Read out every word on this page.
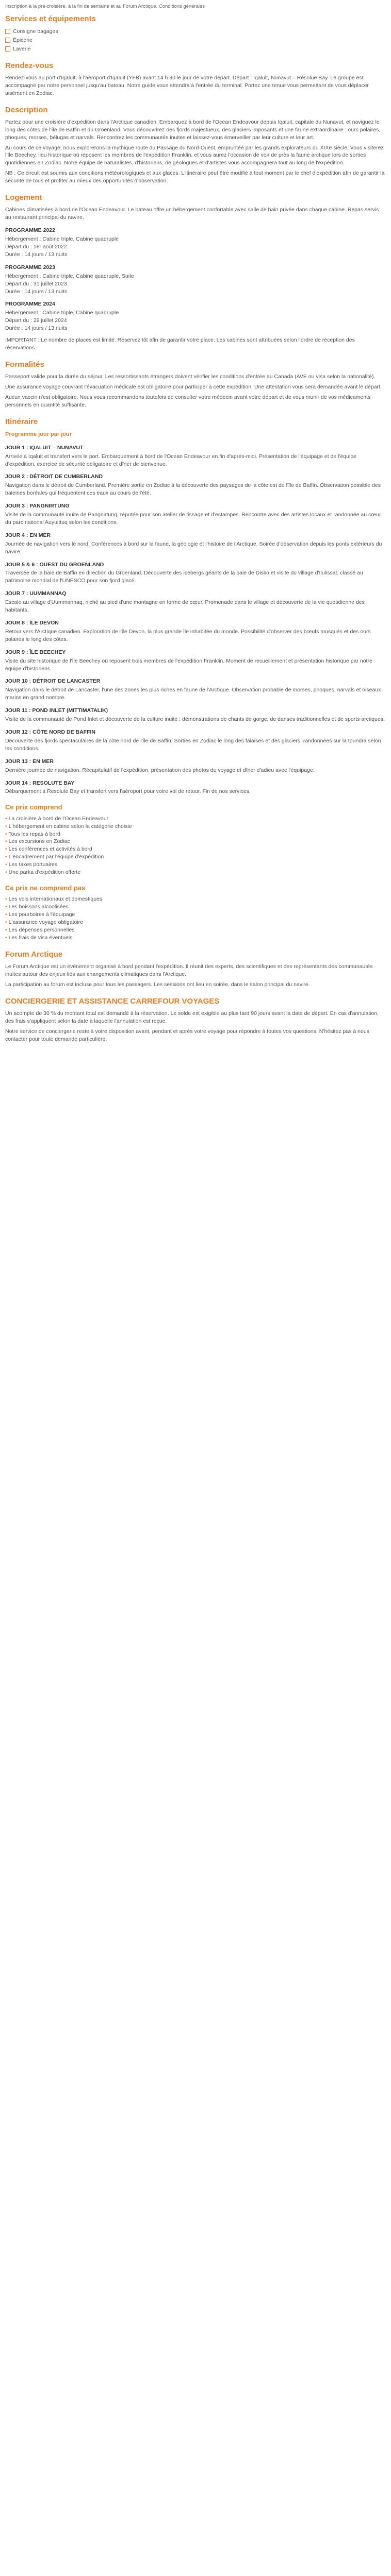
Inscription à la pré-croisière, à la fin de semaine et au Forum Arctique. Conditions générales
Services et équipements
Consigne bagages
Épicerie
Laverie
Rendez-vous

Rendez-vous au port d'Iqaluit, à l'aéroport d'Iqaluit (YFB) avant 14 h 30 le jour de votre départ. Départ : Iqaluit, Nunavut – Résolue Bay. Le groupe est accompagné par notre personnel jusqu'au bateau. Notre guide vous attendra à l'entrée du terminal. Portez une tenue vous permettant de vous déplacer aisément en Zodiac.

Description

Partez pour une croisière d'expédition dans l'Arctique canadien. Embarquez à bord de l'Ocean Endeavour depuis Iqaluit, capitale du Nunavut, et naviguez le long des côtes de l'île de Baffin et du Groenland. Vous découvrirez des fjords majestueux, des glaciers imposants et une faune extraordinaire : ours polaires, phoques, morses, bélugas et narvals. Rencontrez les communautés inuites et laissez-vous émerveiller par leur culture et leur art.

Au cours de ce voyage, nous explorerons la mythique route du Passage du Nord-Ouest, empruntée par les grands explorateurs du XIXe siècle. Vous visiterez l'île Beechey, lieu historique où reposent les membres de l'expédition Franklin, et vous aurez l'occasion de voir de près la faune arctique lors de sorties quotidiennes en Zodiac. Notre équipe de naturalistes, d'historiens, de géologues et d'artistes vous accompagnera tout au long de l'expédition.

NB : Ce circuit est soumis aux conditions météorologiques et aux glaces. L'itinéraire peut être modifié à tout moment par le chef d'expédition afin de garantir la sécurité de tous et profiter au mieux des opportunités d'observation.

Logement

Cabines climatisées à bord de l'Ocean Endeavour. Le bateau offre un hébergement confortable avec salle de bain privée dans chaque cabine. Repas servis au restaurant principal du navire.

PROGRAMME 2022
Hébergement : Cabine triple, Cabine quadruple
Départ du : 1er août 2022
Durée : 14 jours / 13 nuits
PROGRAMME 2023
Hébergement : Cabine triple, Cabine quadruple, Suite
Départ du : 31 juillet 2023
Durée : 14 jours / 13 nuits
PROGRAMME 2024
Hébergement : Cabine triple, Cabine quadruple
Départ du : 29 juillet 2024
Durée : 14 jours / 13 nuits

IMPORTANT : Le nombre de places est limité. Réservez tôt afin de garantir votre place. Les cabines sont attribuées selon l'ordre de réception des réservations.

Formalités

Passeport valide pour la durée du séjour. Les ressortissants étrangers doivent vérifier les conditions d'entrée au Canada (AVE ou visa selon la nationalité).

Une assurance voyage couvrant l'évacuation médicale est obligatoire pour participer à cette expédition. Une attestation vous sera demandée avant le départ.

Aucun vaccin n'est obligatoire. Nous vous recommandons toutefois de consulter votre médecin avant votre départ et de vous munir de vos médicaments personnels en quantité suffisante.

Itinéraire
Programme jour par jour
JOUR 1 : IQALUIT – NUNAVUT

Arrivée à Iqaluit et transfert vers le port. Embarquement à bord de l'Ocean Endeavour en fin d'après-midi. Présentation de l'équipage et de l'équipe d'expédition, exercice de sécurité obligatoire et dîner de bienvenue.

JOUR 2 : DÉTROIT DE CUMBERLAND

Navigation dans le détroit de Cumberland. Première sortie en Zodiac à la découverte des paysages de la côte est de l'île de Baffin. Observation possible des baleines boréales qui fréquentent ces eaux au cours de l'été.

JOUR 3 : PANGNIRTUNG

Visite de la communauté inuite de Pangnirtung, réputée pour son atelier de tissage et d'estampes. Rencontre avec des artistes locaux et randonnée au cœur du parc national Auyuittuq selon les conditions.

JOUR 4 : EN MER

Journée de navigation vers le nord. Conférences à bord sur la faune, la géologie et l'histoire de l'Arctique. Soirée d'observation depuis les ponts extérieurs du navire.

JOUR 5 & 6 : OUEST DU GROENLAND

Traversée de la baie de Baffin en direction du Groenland. Découverte des icebergs géants de la baie de Disko et visite du village d'Ilulissat, classé au patrimoine mondial de l'UNESCO pour son fjord glacé.

JOUR 7 : UUMMANNAQ

Escale au village d'Uummannaq, niché au pied d'une montagne en forme de cœur. Promenade dans le village et découverte de la vie quotidienne des habitants.

JOUR 8 : ÎLE DEVON

Retour vers l'Arctique canadien. Exploration de l'île Devon, la plus grande île inhabitée du monde. Possibilité d'observer des bœufs musqués et des ours polaires le long des côtes.

JOUR 9 : ÎLE BEECHEY

Visite du site historique de l'île Beechey où reposent trois membres de l'expédition Franklin. Moment de recueillement et présentation historique par notre équipe d'historiens.

JOUR 10 : DÉTROIT DE LANCASTER

Navigation dans le détroit de Lancaster, l'une des zones les plus riches en faune de l'Arctique. Observation probable de morses, phoques, narvals et oiseaux marins en grand nombre.

JOUR 11 : POND INLET (MITTIMATALIK)

Visite de la communauté de Pond Inlet et découverte de la culture inuite : démonstrations de chants de gorge, de danses traditionnelles et de sports arctiques.

JOUR 12 : CÔTE NORD DE BAFFIN

Découverte des fjords spectaculaires de la côte nord de l'île de Baffin. Sorties en Zodiac le long des falaises et des glaciers, randonnées sur la toundra selon les conditions.

JOUR 13 : EN MER

Dernière journée de navigation. Récapitulatif de l'expédition, présentation des photos du voyage et dîner d'adieu avec l'équipage.

JOUR 14 : RESOLUTE BAY

Débarquement à Resolute Bay et transfert vers l'aéroport pour votre vol de retour. Fin de nos services.

Ce prix comprend
• La croisière à bord de l'Ocean Endeavour
• L'hébergement en cabine selon la catégorie choisie
• Tous les repas à bord
• Les excursions en Zodiac
• Les conférences et activités à bord
• L'encadrement par l'équipe d'expédition
• Les taxes portuaires
• Une parka d'expédition offerte
Ce prix ne comprend pas
• Les vols internationaux et domestiques
• Les boissons alcoolisées
• Les pourboires à l'équipage
• L'assurance voyage obligatoire
• Les dépenses personnelles
• Les frais de visa éventuels
Forum Arctique

Le Forum Arctique est un événement organisé à bord pendant l'expédition. Il réunit des experts, des scientifiques et des représentants des communautés inuites autour des enjeux liés aux changements climatiques dans l'Arctique.

La participation au forum est incluse pour tous les passagers. Les sessions ont lieu en soirée, dans le salon principal du navire.

CONCIERGERIE ET ASSISTANCE CARREFOUR VOYAGES

Un acompte de 30 % du montant total est demandé à la réservation. Le solde est exigible au plus tard 90 jours avant la date de départ. En cas d'annulation, des frais s'appliquent selon la date à laquelle l'annulation est reçue.

Notre service de conciergerie reste à votre disposition avant, pendant et après votre voyage pour répondre à toutes vos questions. N'hésitez pas à nous contacter pour toute demande particulière.
